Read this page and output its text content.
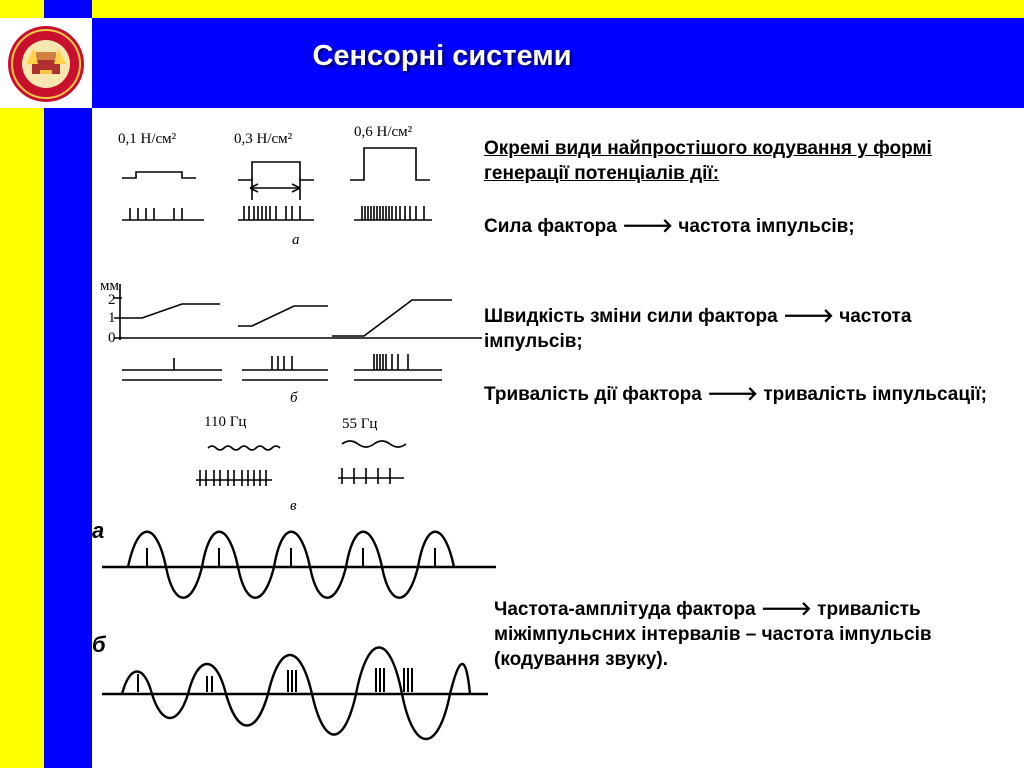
Сенсорні системи
0,1 Н/см²	0,3 Н/см²	0,6 Н/см²
а
мм
2
1
0
б
110 Гц	55 Гц
в
а
б
Окремі види найпростішого кодування у формі генерації потенціалів дії:
Сила фактора 🡒 частота імпульсів;
Швидкість зміни сили фактора 🡒 частота імпульсів;
Тривалість дії фактора 🡒 тривалість імпульсації;
Частота-амплітуда фактора 🡒 тривалість міжімпульсних інтервалів – частота імпульсів (кодування звуку).
